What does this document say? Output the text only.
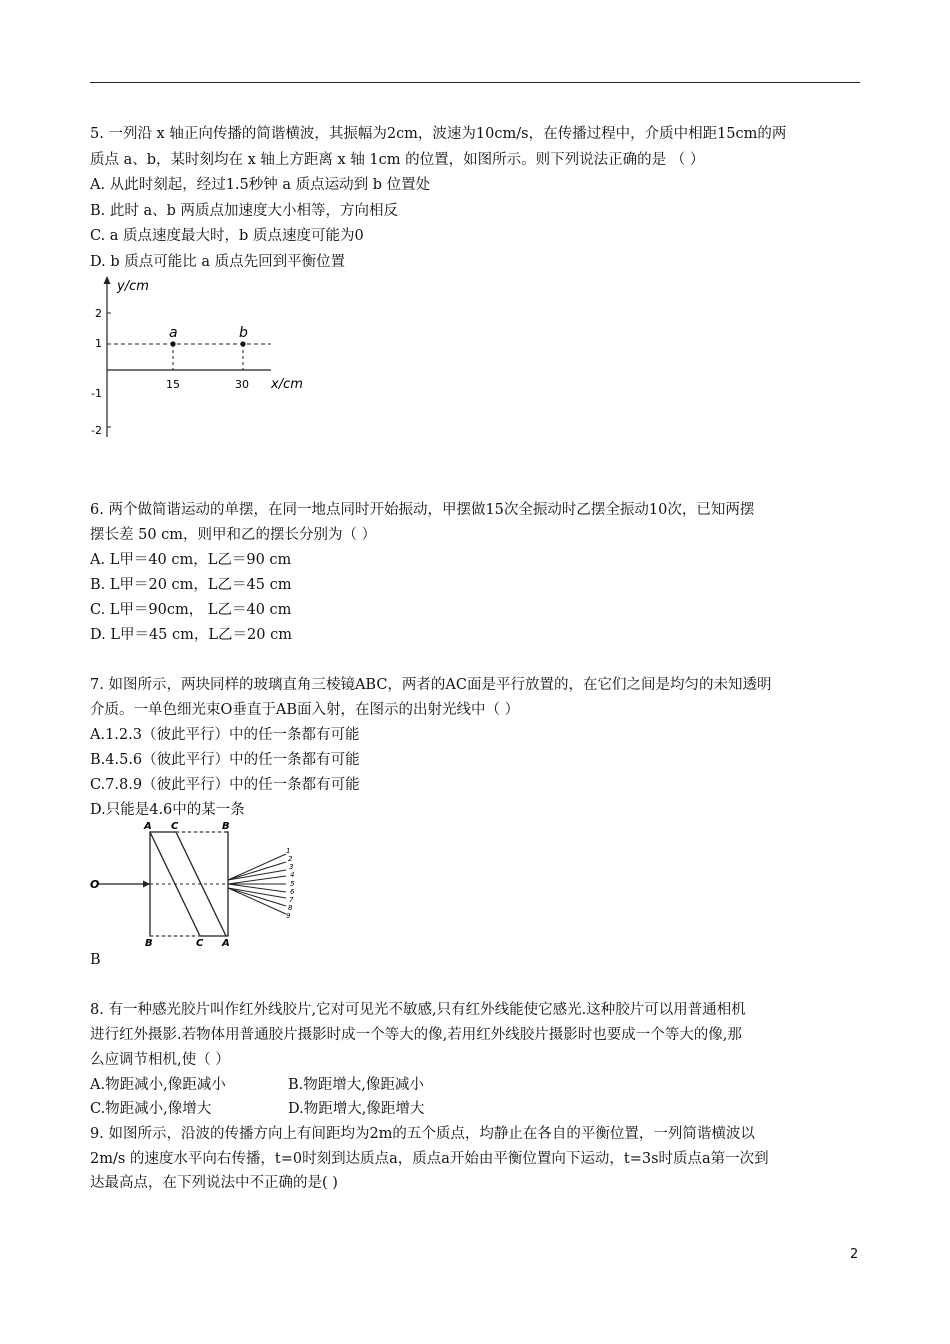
5. 一列沿 x 轴正向传播的简谐横波，其振幅为2cm，波速为10cm/s，在传播过程中，介质中相距15cm的两
质点 a、b，某时刻均在 x 轴上方距离 x 轴 1cm 的位置，如图所示。则下列说法正确的是 （ ）
A. 从此时刻起，经过1.5秒钟 a 质点运动到 b 位置处
B. 此时 a、b 两质点加速度大小相等，方向相反
C. a 质点速度最大时，b 质点速度可能为0
D. b 质点可能比 a 质点先回到平衡位置
y/cm
x/cm
2
1
-1
-2
a	b
15	30
6. 两个做简谐运动的单摆，在同一地点同时开始振动，甲摆做15次全振动时乙摆全振动10次，已知两摆
摆长差 50 cm，则甲和乙的摆长分别为（ ）
A. L甲＝40 cm，L乙＝90 cm
B. L甲＝20 cm，L乙＝45 cm
C. L甲＝90cm， L乙＝40 cm
D. L甲＝45 cm，L乙＝20 cm
7. 如图所示，两块同样的玻璃直角三棱镜ABC，两者的AC面是平行放置的，在它们之间是均匀的未知透明
介质。一单色细光束O垂直于AB面入射，在图示的出射光线中（ ）
A.1.2.3（彼此平行）中的任一条都有可能
B.4.5.6（彼此平行）中的任一条都有可能
C.7.8.9（彼此平行）中的任一条都有可能
D.只能是4.6中的某一条
O
A C	B
B	C A
1
2
3
4
5
6
7
8
9
B
8. 有一种感光胶片叫作红外线胶片,它对可见光不敏感,只有红外线能使它感光.这种胶片可以用普通相机
进行红外摄影.若物体用普通胶片摄影时成一个等大的像,若用红外线胶片摄影时也要成一个等大的像,那
么应调节相机,使（ ）
A.物距减小,像距减小	B.物距增大,像距减小
C.物距减小,像增大	D.物距增大,像距增大
9. 如图所示，沿波的传播方向上有间距均为2m的五个质点，均静止在各自的平衡位置，一列简谐横波以
2m/s 的速度水平向右传播，t=0时刻到达质点a，质点a开始由平衡位置向下运动，t=3s时质点a第一次到
达最高点，在下列说法中不正确的是( )
2
